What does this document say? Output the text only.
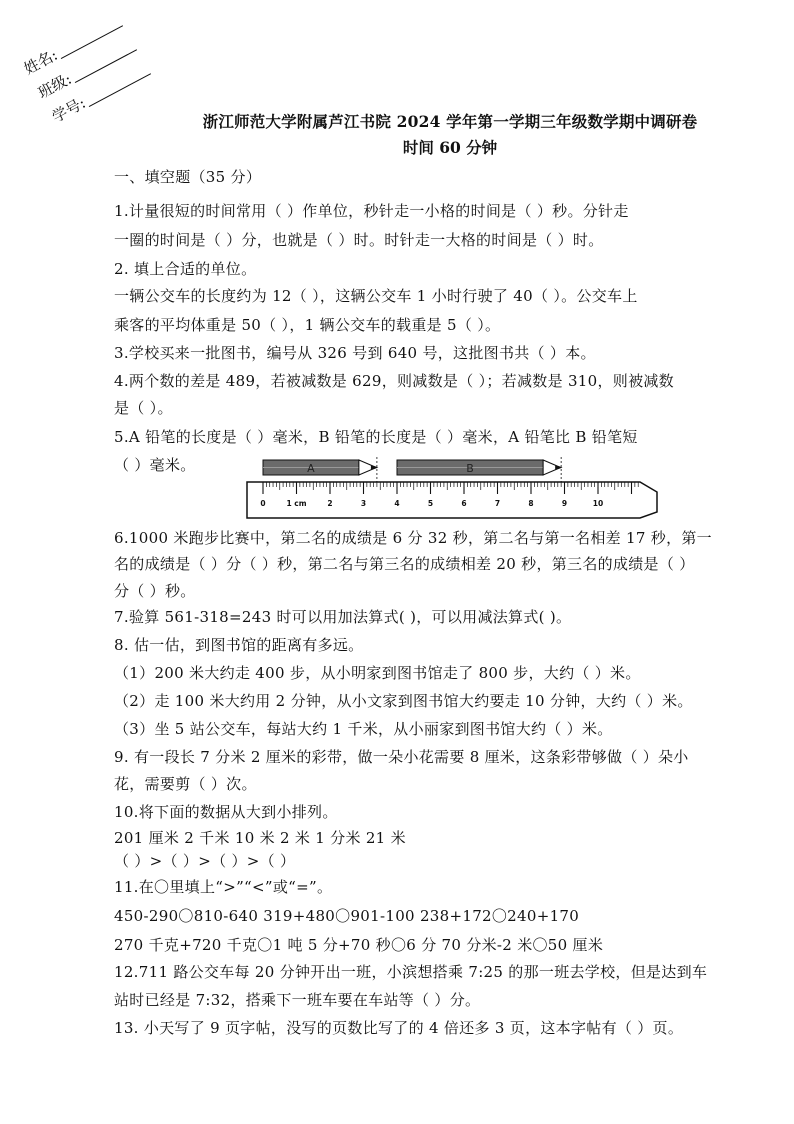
姓名:
班级:
学号:	浙江师范大学附属芦江书院 2024 学年第一学期三年级数学期中调研卷
时间 60 分钟
一、填空题（35 分）
1.计量很短的时间常用（ ）作单位，秒针走一小格的时间是（ ）秒。分针走
一圈的时间是（ ）分，也就是（ ）时。时针走一大格的时间是（ ）时。
2. 填上合适的单位。
一辆公交车的长度约为 12（ ），这辆公交车 1 小时行驶了 40（ ）。公交车上
乘客的平均体重是 50（ ），1 辆公交车的载重是 5（ ）。
3.学校买来一批图书，编号从 326 号到 640 号，这批图书共（ ）本。
4.两个数的差是 489，若被减数是 629，则减数是（ ）；若减数是 310，则被减数
是（ ）。
5.A 铅笔的长度是（ ）毫米，B 铅笔的长度是（ ）毫米，A 铅笔比 B 铅笔短
（ ）毫米。
0	1 cm	2	3	4	5	6	7	8	9	10
A	B
6.1000 米跑步比赛中，第二名的成绩是 6 分 32 秒，第二名与第一名相差 17 秒，第一
名的成绩是（ ）分（ ）秒，第二名与第三名的成绩相差 20 秒，第三名的成绩是（ ）
分（ ）秒。
7.验算 561-318=243 时可以用加法算式( )，可以用减法算式( )。
8. 估一估，到图书馆的距离有多远。
（1）200 米大约走 400 步，从小明家到图书馆走了 800 步，大约（ ）米。
（2）走 100 米大约用 2 分钟，从小文家到图书馆大约要走 10 分钟，大约（ ）米。
（3）坐 5 站公交车，每站大约 1 千米，从小丽家到图书馆大约（ ）米。
9. 有一段长 7 分米 2 厘米的彩带，做一朵小花需要 8 厘米，这条彩带够做（ ）朵小
花，需要剪（ ）次。
10.将下面的数据从大到小排列。
201 厘米 2 千米 10 米 2 米 1 分米 21 米
（ ）>（ ）>（ ）>（ ）
11.在〇里填上“>”“<”或“=”。
450-290〇810-640 319+480〇901-100 238+172〇240+170
270 千克+720 千克〇1 吨 5 分+70 秒〇6 分 70 分米-2 米〇50 厘米
12.711 路公交车每 20 分钟开出一班，小滨想搭乘 7:25 的那一班去学校，但是达到车
站时已经是 7:32，搭乘下一班车要在车站等（ ）分。
13. 小天写了 9 页字帖，没写的页数比写了的 4 倍还多 3 页，这本字帖有（ ）页。
